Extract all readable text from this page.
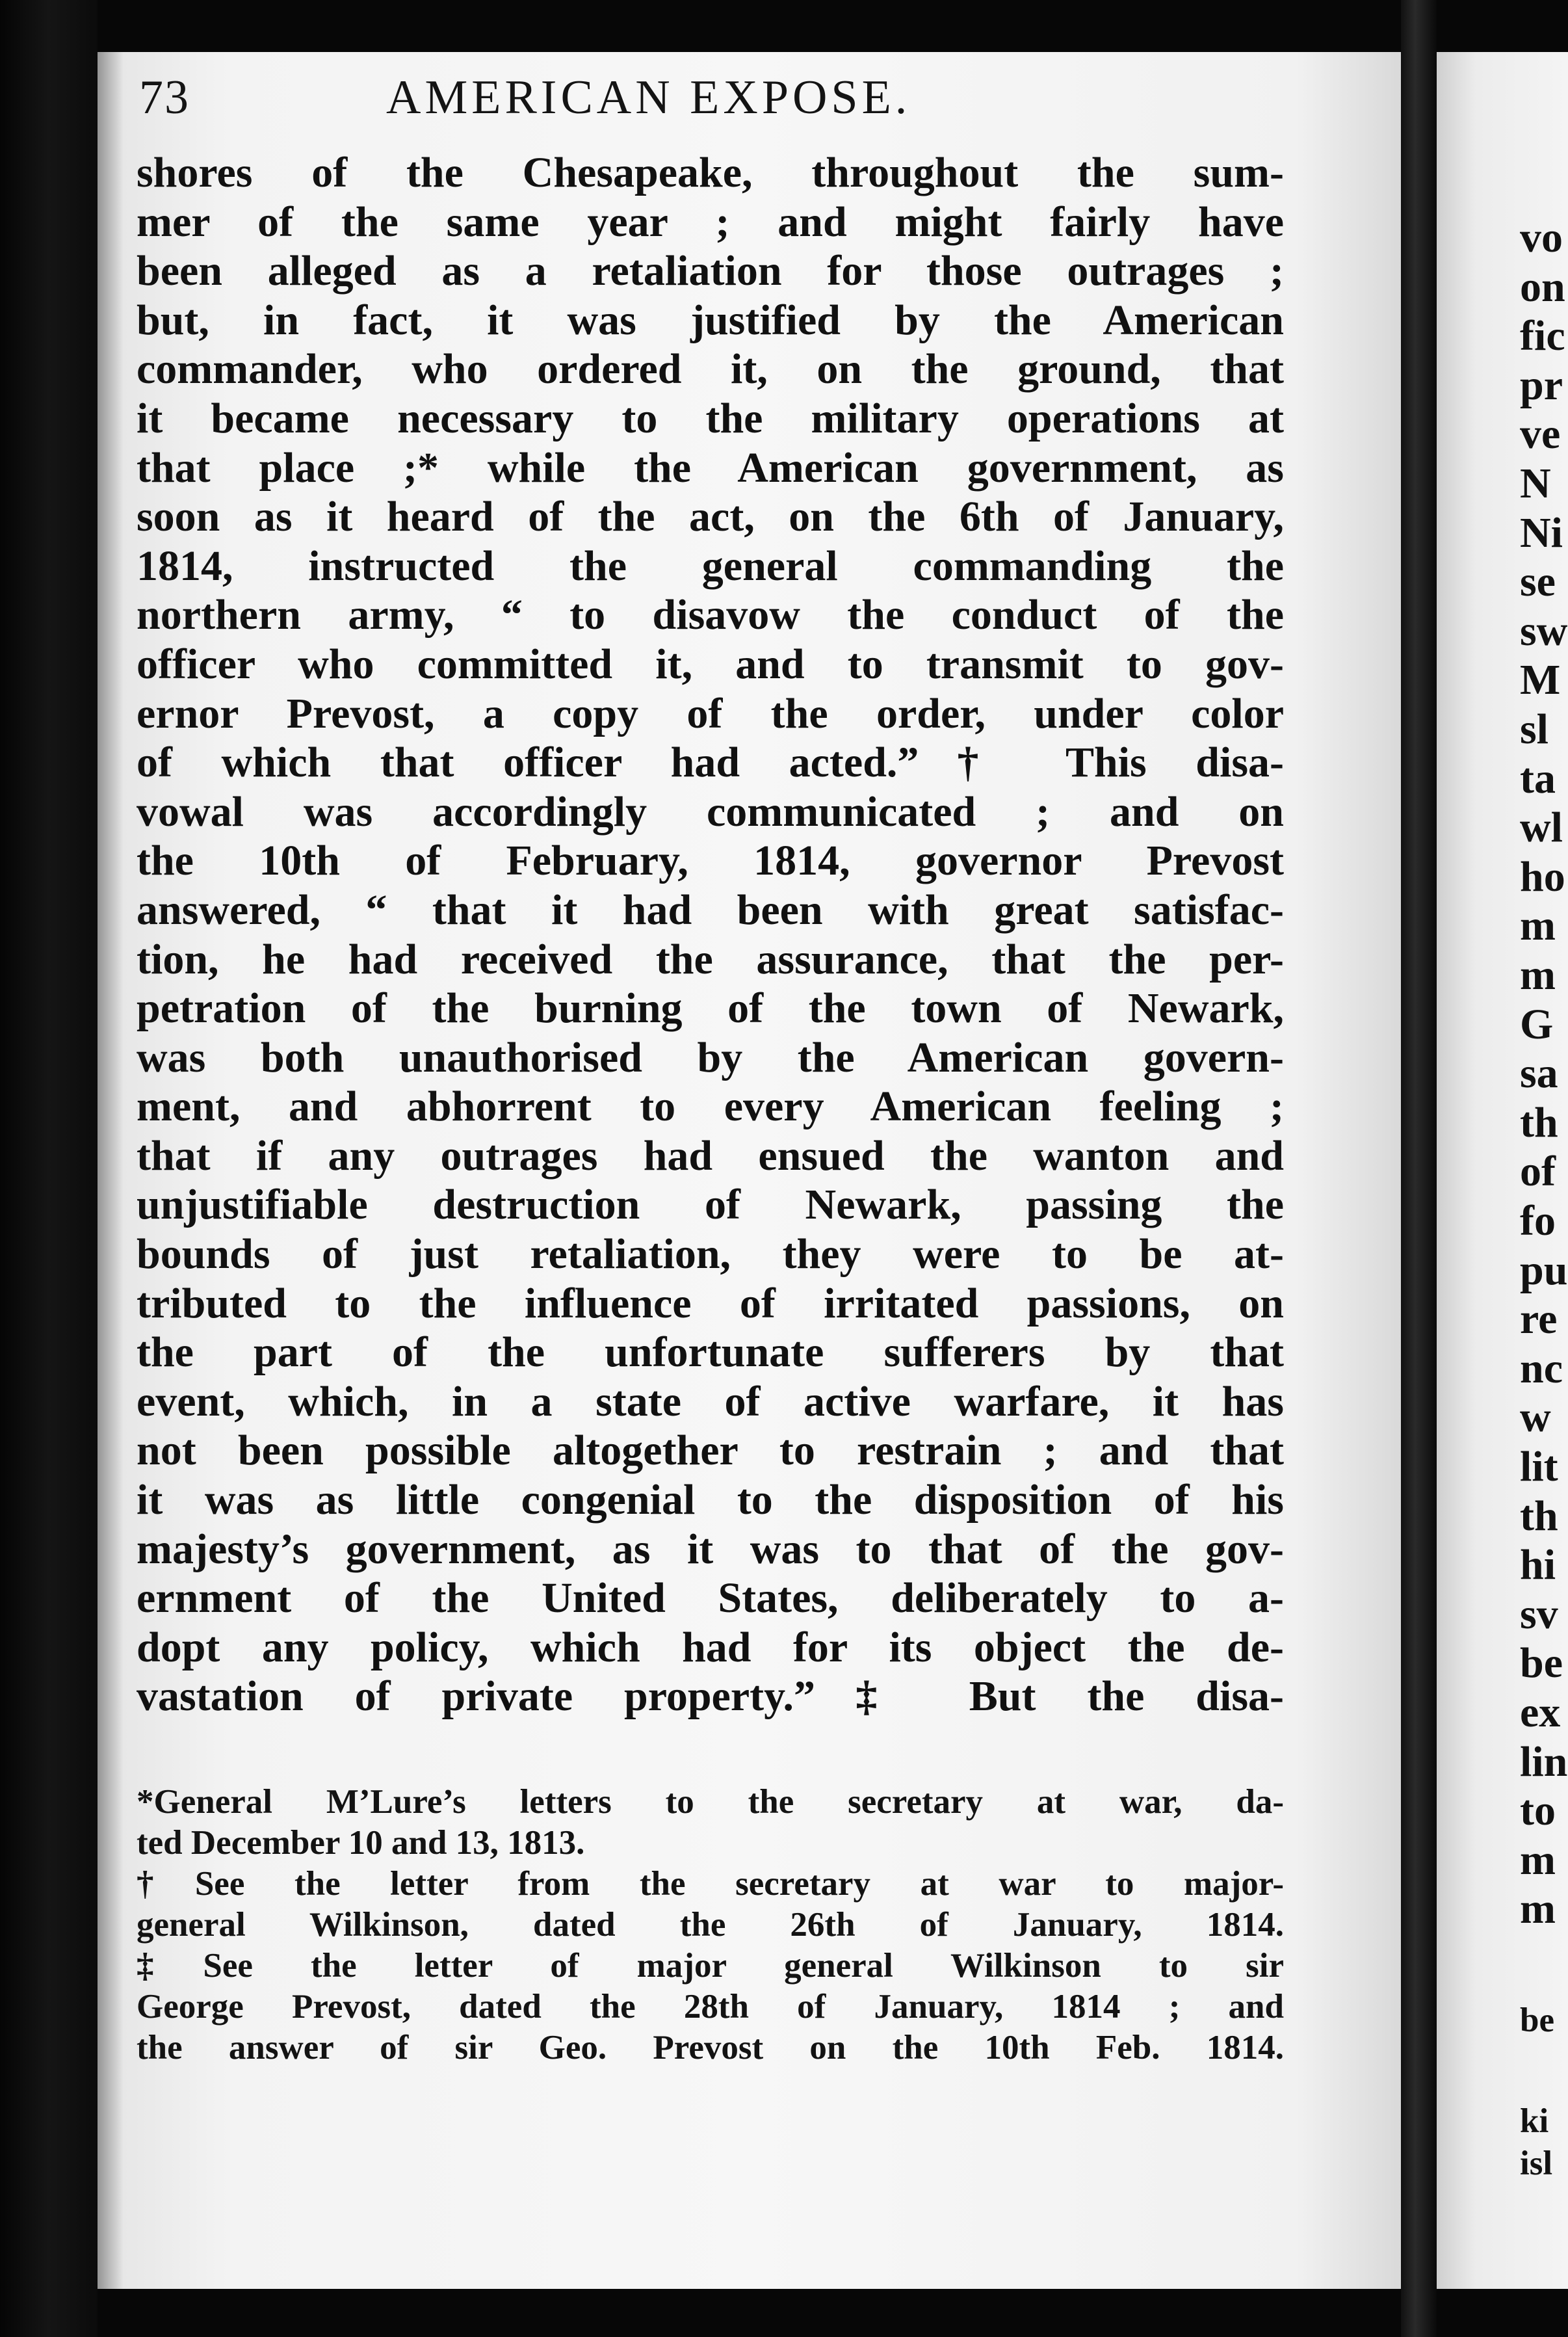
73	AMERICAN EXPOSE.
shores of the Chesapeake, throughout the sum-
mer of the same year ; and might fairly have
been alleged as a retaliation for those outrages ;
but, in fact, it was justified by the American
commander, who ordered it, on the ground, that
it became necessary to the military operations at
that place ;* while the American government, as
soon as it heard of the act, on the 6th of January,
1814, instructed the general commanding the
northern army, “ to disavow the conduct of the
officer who committed it, and to transmit to gov-
ernor Prevost, a copy of the order, under color
of which that officer had acted.”† This disa-
vowal was accordingly communicated ; and on
the 10th of February, 1814, governor Prevost
answered, “ that it had been with great satisfac-
tion, he had received the assurance, that the per-
petration of the burning of the town of Newark,
was both unauthorised by the American govern-
ment, and abhorrent to every American feeling ;
that if any outrages had ensued the wanton and
unjustifiable destruction of Newark, passing the
bounds of just retaliation, they were to be at-
tributed to the influence of irritated passions, on
the part of the unfortunate sufferers by that
event, which, in a state of active warfare, it has
not been possible altogether to restrain ; and that
it was as little congenial to the disposition of his
majesty’s government, as it was to that of the gov-
ernment of the United States, deliberately to a-
dopt any policy, which had for its object the de-
vastation of private property.”‡ But the disa-
*General M’Lure’s letters to the secretary at war, da-
ted December 10 and 13, 1813.
†See the letter from the secretary at war to major-
general Wilkinson, dated the 26th of January, 1814.
‡See the letter of major general Wilkinson to sir
George Prevost, dated the 28th of January, 1814 ; and
the answer of sir Geo. Prevost on the 10th Feb. 1814.
vo
on
fic
pr
ve
N
Ni
se
sw
M
sl
ta
wl
ho
m
m
G
sa
th
of
fo
pu
re
nc
w
lit
th
hi
sv
be
ex
lin
to
m
m
be
ki
isl
